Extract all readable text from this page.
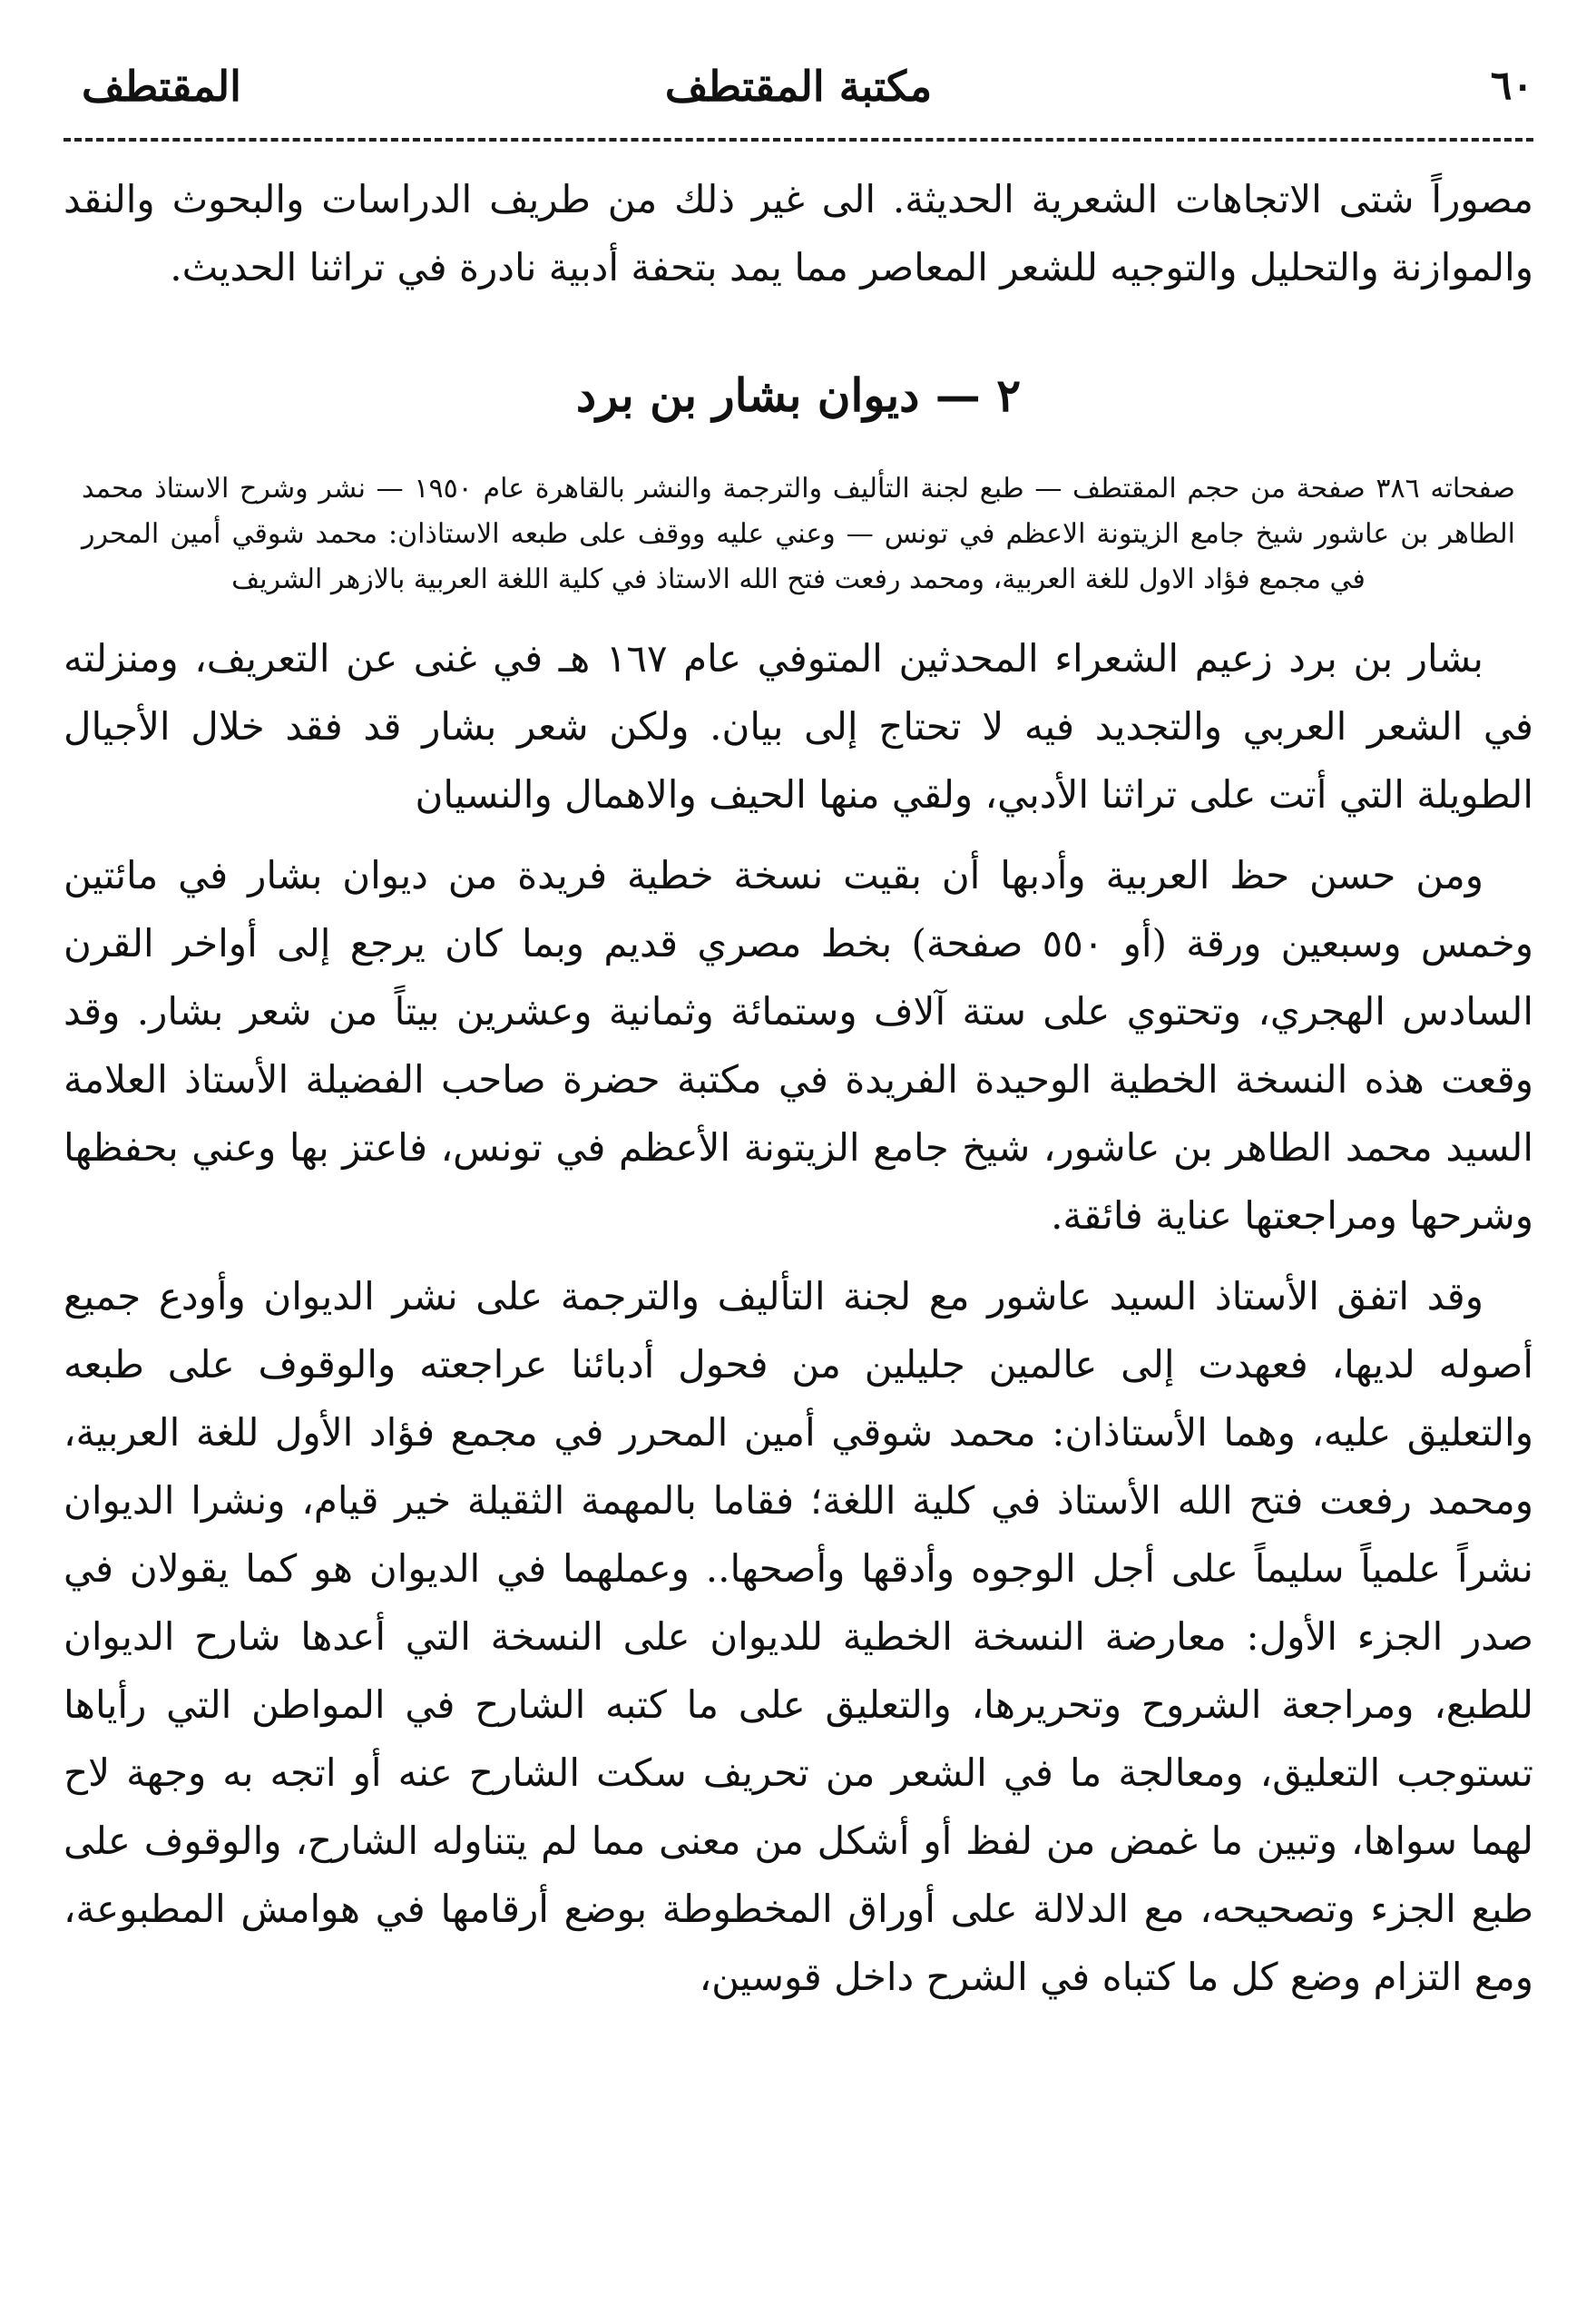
٦٠
مكتبة المقتطف
المقتطف

مصوراً شتى الاتجاهات الشعرية الحديثة. الى غير ذلك من طريف الدراسات والبحوث والنقد والموازنة والتحليل والتوجيه للشعر المعاصر مما يمد بتحفة أدبية نادرة في تراثنا الحديث.

٢ — ديوان بشار بن برد

صفحاته ٣٨٦ صفحة من حجم المقتطف — طبع لجنة التأليف والترجمة والنشر بالقاهرة عام ١٩٥٠ — نشر وشرح الاستاذ محمد الطاهر بن عاشور شيخ جامع الزيتونة الاعظم في تونس — وعني عليه ووقف على طبعه الاستاذان: محمد شوقي أمين المحرر في مجمع فؤاد الاول للغة العربية، ومحمد رفعت فتح الله الاستاذ في كلية اللغة العربية بالازهر الشريف

بشار بن برد زعيم الشعراء المحدثين المتوفي عام ١٦٧ هـ في غنى عن التعريف، ومنزلته في الشعر العربي والتجديد فيه لا تحتاج إلى بيان. ولكن شعر بشار قد فقد خلال الأجيال الطويلة التي أتت على تراثنا الأدبي، ولقي منها الحيف والاهمال والنسيان

ومن حسن حظ العربية وأدبها أن بقيت نسخة خطية فريدة من ديوان بشار في مائتين وخمس وسبعين ورقة (أو ٥٥٠ صفحة) بخط مصري قديم وبما كان يرجع إلى أواخر القرن السادس الهجري، وتحتوي على ستة آلاف وستمائة وثمانية وعشرين بيتاً من شعر بشار. وقد وقعت هذه النسخة الخطية الوحيدة الفريدة في مكتبة حضرة صاحب الفضيلة الأستاذ العلامة السيد محمد الطاهر بن عاشور، شيخ جامع الزيتونة الأعظم في تونس، فاعتز بها وعني بحفظها وشرحها ومراجعتها عناية فائقة.

وقد اتفق الأستاذ السيد عاشور مع لجنة التأليف والترجمة على نشر الديوان وأودع جميع أصوله لديها، فعهدت إلى عالمين جليلين من فحول أدبائنا عراجعته والوقوف على طبعه والتعليق عليه، وهما الأستاذان: محمد شوقي أمين المحرر في مجمع فؤاد الأول للغة العربية، ومحمد رفعت فتح الله الأستاذ في كلية اللغة؛ فقاما بالمهمة الثقيلة خير قيام، ونشرا الديوان نشراً علمياً سليماً على أجل الوجوه وأدقها وأصحها.. وعملهما في الديوان هو كما يقولان في صدر الجزء الأول: معارضة النسخة الخطية للديوان على النسخة التي أعدها شارح الديوان للطبع، ومراجعة الشروح وتحريرها، والتعليق على ما كتبه الشارح في المواطن التي رأياها تستوجب التعليق، ومعالجة ما في الشعر من تحريف سكت الشارح عنه أو اتجه به وجهة لاح لهما سواها، وتبين ما غمض من لفظ أو أشكل من معنى مما لم يتناوله الشارح، والوقوف على طبع الجزء وتصحيحه، مع الدلالة على أوراق المخطوطة بوضع أرقامها في هوامش المطبوعة، ومع التزام وضع كل ما كتباه في الشرح داخل قوسين،
